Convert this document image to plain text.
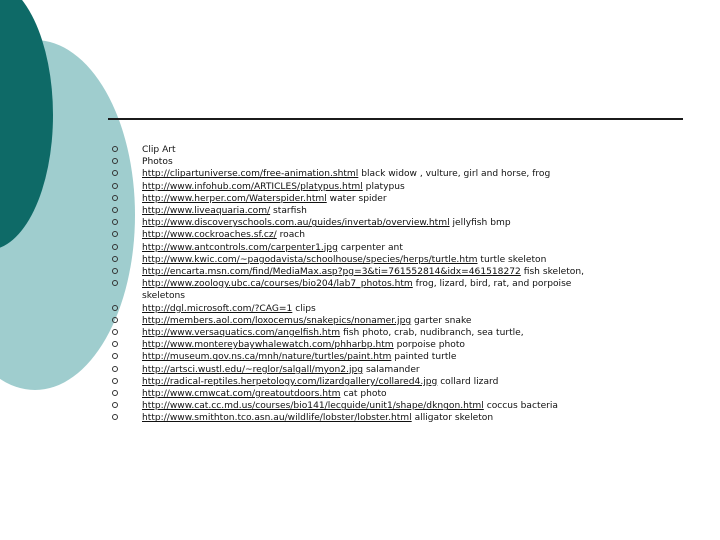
Clip Art
Photos
http://clipartuniverse.com/free-animation.shtml black widow , vulture, girl and horse, frog
http://www.infohub.com/ARTICLES/platypus.html platypus
http://www.herper.com/Waterspider.html water spider
http://www.liveaquaria.com/ starfish
http://www.discoveryschools.com.au/guides/invertab/overview.html jellyfish bmp
http://www.cockroaches.sf.cz/ roach
http://www.antcontrols.com/carpenter1.jpg carpenter ant
http://www.kwic.com/~pagodavista/schoolhouse/species/herps/turtle.htm turtle skeleton
http://encarta.msn.com/find/MediaMax.asp?pg=3&ti=761552814&idx=461518272 fish skeleton,
http://www.zoology.ubc.ca/courses/bio204/lab7_photos.htm frog, lizard, bird, rat, and porpoise
skeletons
http://dgl.microsoft.com/?CAG=1 clips
http://members.aol.com/loxocemus/snakepics/nonamer.jpg garter snake
http://www.versaquatics.com/angelfish.htm fish photo, crab, nudibranch, sea turtle,
http://www.montereybaywhalewatch.com/phharbp.htm porpoise photo
http://museum.gov.ns.ca/mnh/nature/turtles/paint.htm painted turtle
http://artsci.wustl.edu/~reglor/salgall/myon2.jpg salamander
http://radical-reptiles.herpetology.com/lizardgallery/collared4.jpg collard lizard
http://www.cmwcat.com/greatoutdoors.htm cat photo
http://www.cat.cc.md.us/courses/bio141/lecguide/unit1/shape/dkngon.html coccus bacteria
http://www.smithton.tco.asn.au/wildlife/lobster/lobster.html alligator skeleton
